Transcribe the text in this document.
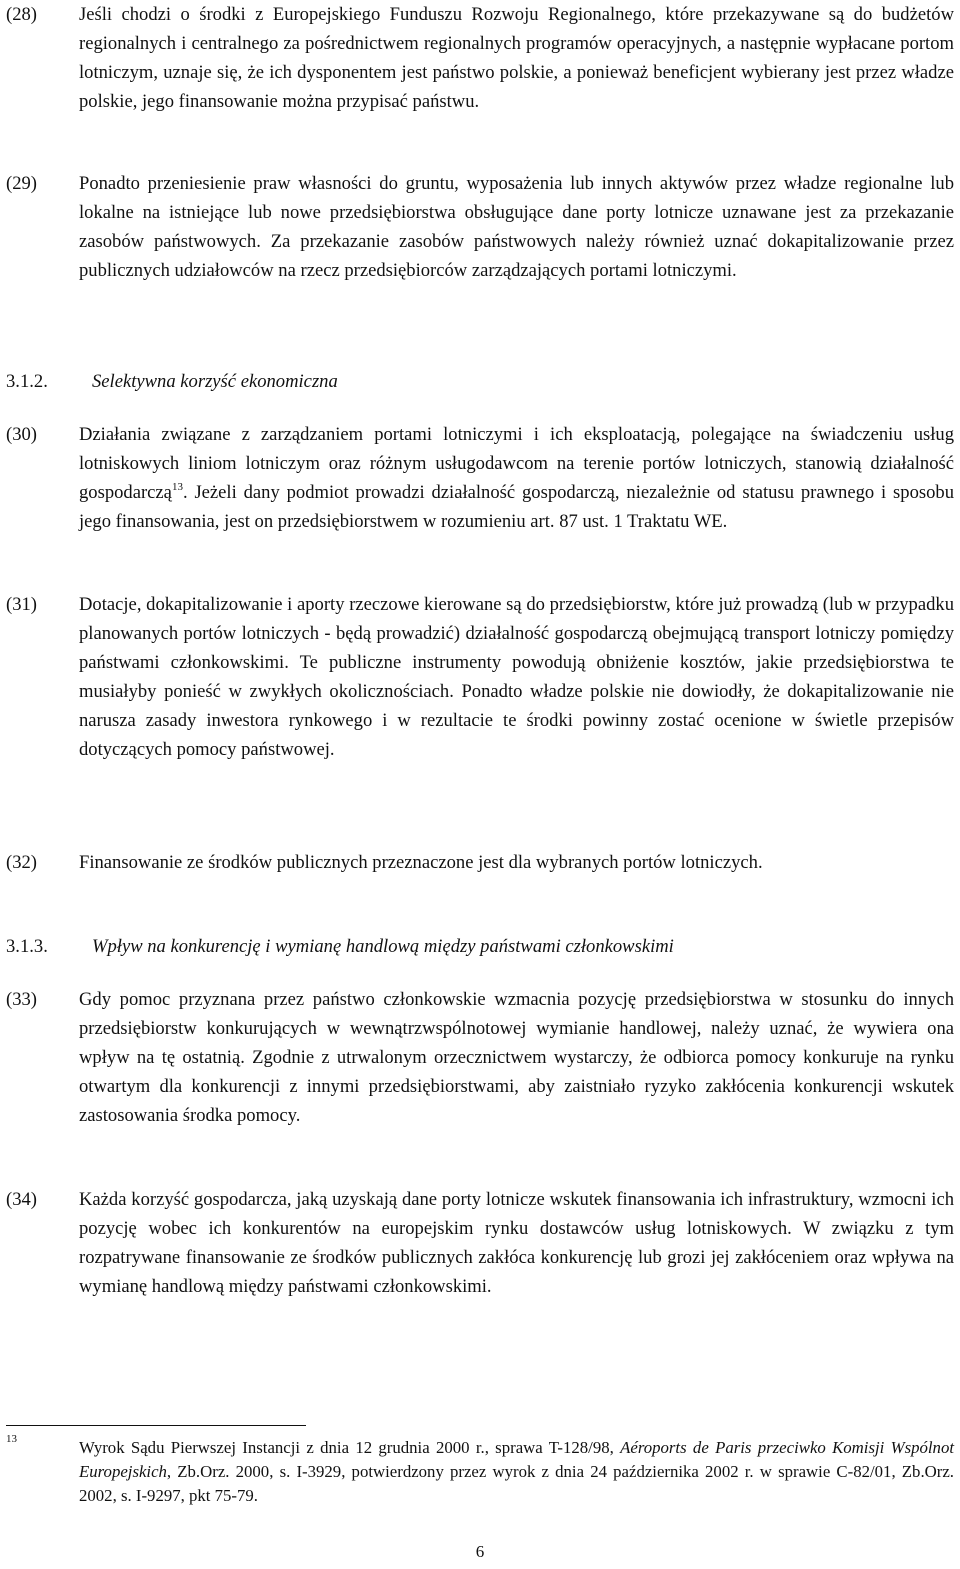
(28)	Jeśli chodzi o środki z Europejskiego Funduszu Rozwoju Regionalnego, które przekazywane są do budżetów regionalnych i centralnego za pośrednictwem regionalnych programów operacyjnych, a następnie wypłacane portom lotniczym, uznaje się, że ich dysponentem jest państwo polskie, a ponieważ beneficjent wybierany jest przez władze polskie, jego finansowanie można przypisać państwu.
(29)	Ponadto przeniesienie praw własności do gruntu, wyposażenia lub innych aktywów przez władze regionalne lub lokalne na istniejące lub nowe przedsiębiorstwa obsługujące dane porty lotnicze uznawane jest za przekazanie zasobów państwowych. Za przekazanie zasobów państwowych należy również uznać dokapitalizowanie przez publicznych udziałowców na rzecz przedsiębiorców zarządzających portami lotniczymi.
3.1.2.	Selektywna korzyść ekonomiczna
(30)	Działania związane z zarządzaniem portami lotniczymi i ich eksploatacją, polegające na świadczeniu usług lotniskowych liniom lotniczym oraz różnym usługodawcom na terenie portów lotniczych, stanowią działalność gospodarczą$^{13}$. Jeżeli dany podmiot prowadzi działalność gospodarczą, niezależnie od statusu prawnego i sposobu jego finansowania, jest on przedsiębiorstwem w rozumieniu art. 87 ust. 1 Traktatu WE.
(31)	Dotacje, dokapitalizowanie i aporty rzeczowe kierowane są do przedsiębiorstw, które już prowadzą (lub w przypadku planowanych portów lotniczych - będą prowadzić) działalność gospodarczą obejmującą transport lotniczy pomiędzy państwami członkowskimi. Te publiczne instrumenty powodują obniżenie kosztów, jakie przedsiębiorstwa te musiałyby ponieść w zwykłych okolicznościach. Ponadto władze polskie nie dowiodły, że dokapitalizowanie nie narusza zasady inwestora rynkowego i w rezultacie te środki powinny zostać ocenione w świetle przepisów dotyczących pomocy państwowej.
(32)	Finansowanie ze środków publicznych przeznaczone jest dla wybranych portów lotniczych.
3.1.3.	Wpływ na konkurencję i wymianę handlową między państwami członkowskimi
(33)	Gdy pomoc przyznana przez państwo członkowskie wzmacnia pozycję przedsiębiorstwa w stosunku do innych przedsiębiorstw konkurujących w wewnątrzwspólnotowej wymianie handlowej, należy uznać, że wywiera ona wpływ na tę ostatnią. Zgodnie z utrwalonym orzecznictwem wystarczy, że odbiorca pomocy konkuruje na rynku otwartym dla konkurencji z innymi przedsiębiorstwami, aby zaistniało ryzyko zakłócenia konkurencji wskutek zastosowania środka pomocy.
(34)	Każda korzyść gospodarcza, jaką uzyskają dane porty lotnicze wskutek finansowania ich infrastruktury, wzmocni ich pozycję wobec ich konkurentów na europejskim rynku dostawców usług lotniskowych. W związku z tym rozpatrywane finansowanie ze środków publicznych zakłóca konkurencję lub grozi jej zakłóceniem oraz wpływa na wymianę handlową między państwami członkowskimi.
13	Wyrok Sądu Pierwszej Instancji z dnia 12 grudnia 2000 r., sprawa T-128/98, Aéroports de Paris przeciwko Komisji Wspólnot Europejskich, Zb.Orz. 2000, s. I-3929, potwierdzony przez wyrok z dnia 24 października 2002 r. w sprawie C-82/01, Zb.Orz. 2002, s. I-9297, pkt 75-79.
6
